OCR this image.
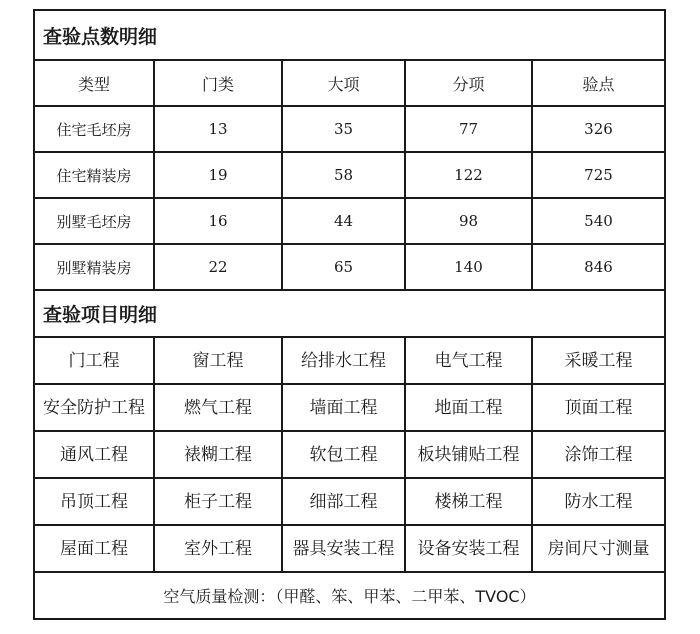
查验点数明细				
类型	门类	大项	分项	验点
住宅毛坯房	13	35	77	326
住宅精装房	19	58	122	725
别墅毛坯房	16	44	98	540
别墅精装房	22	65	140	846
查验项目明细				
门工程	窗工程	给排水工程	电气工程	采暖工程
安全防护工程	燃气工程	墙面工程	地面工程	顶面工程
通风工程	裱糊工程	软包工程	板块铺贴工程	涂饰工程
吊顶工程	柜子工程	细部工程	楼梯工程	防水工程
屋面工程	室外工程	器具安装工程	设备安装工程	房间尺寸测量
空气质量检测：（甲醛、笨、甲苯、二甲苯、TVOC）				
